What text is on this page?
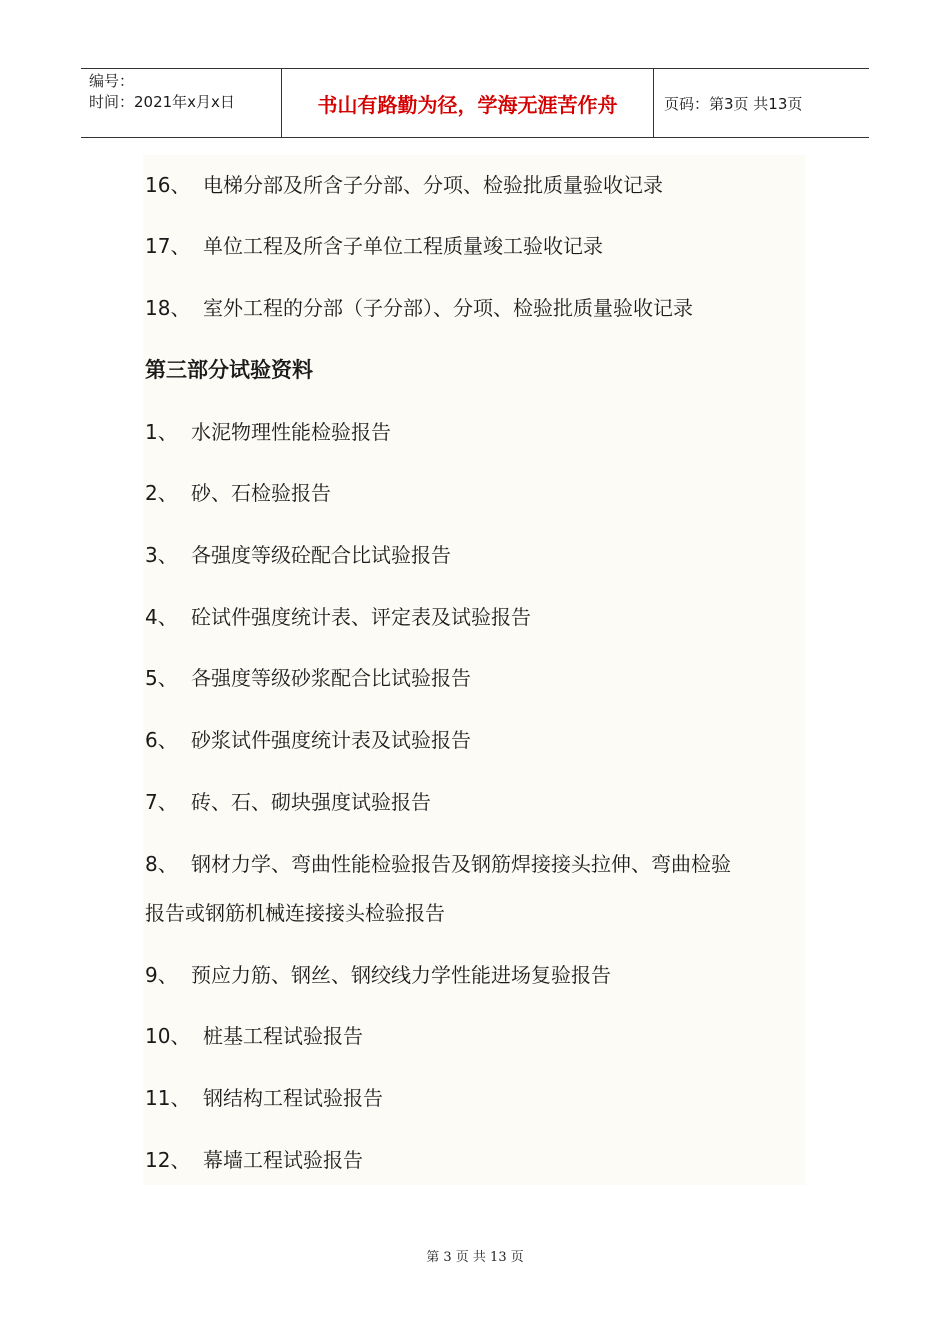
编号：
时间：2021年x月x日	书山有路勤为径，学海无涯苦作舟	页码：第3页 共13页
16、 电梯分部及所含子分部、分项、检验批质量验收记录
17、 单位工程及所含子单位工程质量竣工验收记录
18、 室外工程的分部（子分部）、分项、检验批质量验收记录
第三部分试验资料
1、 水泥物理性能检验报告
2、 砂、石检验报告
3、 各强度等级砼配合比试验报告
4、 砼试件强度统计表、评定表及试验报告
5、 各强度等级砂浆配合比试验报告
6、 砂浆试件强度统计表及试验报告
7、 砖、石、砌块强度试验报告
8、 钢材力学、弯曲性能检验报告及钢筋焊接接头拉伸、弯曲检验
报告或钢筋机械连接接头检验报告
9、 预应力筋、钢丝、钢绞线力学性能进场复验报告
10、 桩基工程试验报告
11、 钢结构工程试验报告
12、 幕墙工程试验报告
第 3 页 共 13 页
